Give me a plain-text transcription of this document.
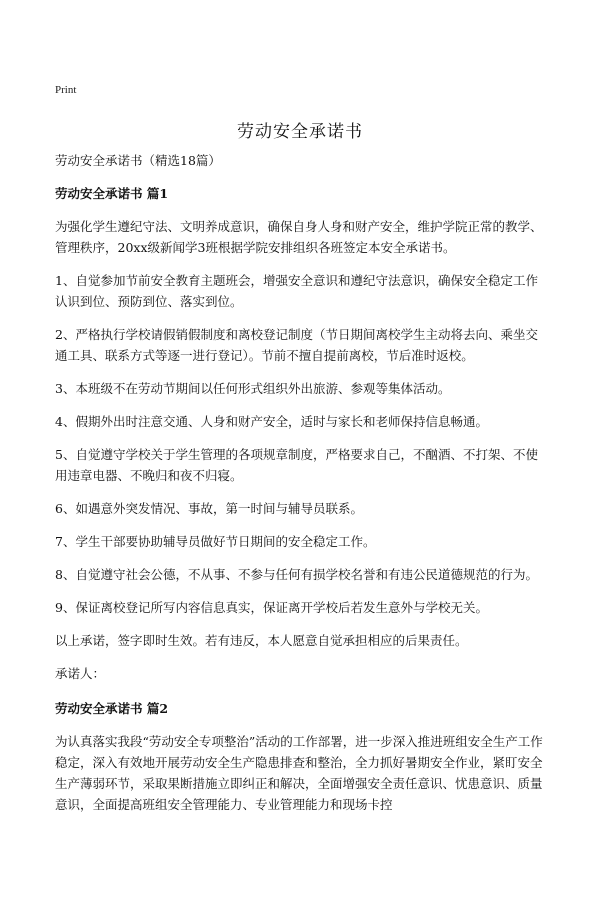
Print
劳动安全承诺书

劳动安全承诺书（精选18篇）

劳动安全承诺书 篇1

为强化学生遵纪守法、文明养成意识，确保自身人身和财产安全，维护学院正常的教学、管理秩序，20xx级新闻学3班根据学院安排组织各班签定本安全承诺书。

1、自觉参加节前安全教育主题班会，增强安全意识和遵纪守法意识，确保安全稳定工作认识到位、预防到位、落实到位。

2、严格执行学校请假销假制度和离校登记制度（节日期间离校学生主动将去向、乘坐交通工具、联系方式等逐一进行登记）。节前不擅自提前离校，节后准时返校。

3、本班级不在劳动节期间以任何形式组织外出旅游、参观等集体活动。

4、假期外出时注意交通、人身和财产安全，适时与家长和老师保持信息畅通。

5、自觉遵守学校关于学生管理的各项规章制度，严格要求自己，不酗酒、不打架、不使用违章电器、不晚归和夜不归寝。

6、如遇意外突发情况、事故，第一时间与辅导员联系。

7、学生干部要协助辅导员做好节日期间的安全稳定工作。

8、自觉遵守社会公德，不从事、不参与任何有损学校名誉和有违公民道德规范的行为。

9、保证离校登记所写内容信息真实，保证离开学校后若发生意外与学校无关。

以上承诺，签字即时生效。若有违反，本人愿意自觉承担相应的后果责任。

承诺人：

劳动安全承诺书 篇2

为认真落实我段“劳动安全专项整治”活动的工作部署，进一步深入推进班组安全生产工作稳定，深入有效地开展劳动安全生产隐患排查和整治，全力抓好暑期安全作业，紧盯安全生产薄弱环节，采取果断措施立即纠正和解决，全面增强安全责任意识、忧患意识、质量意识，全面提高班组安全管理能力、专业管理能力和现场卡控
